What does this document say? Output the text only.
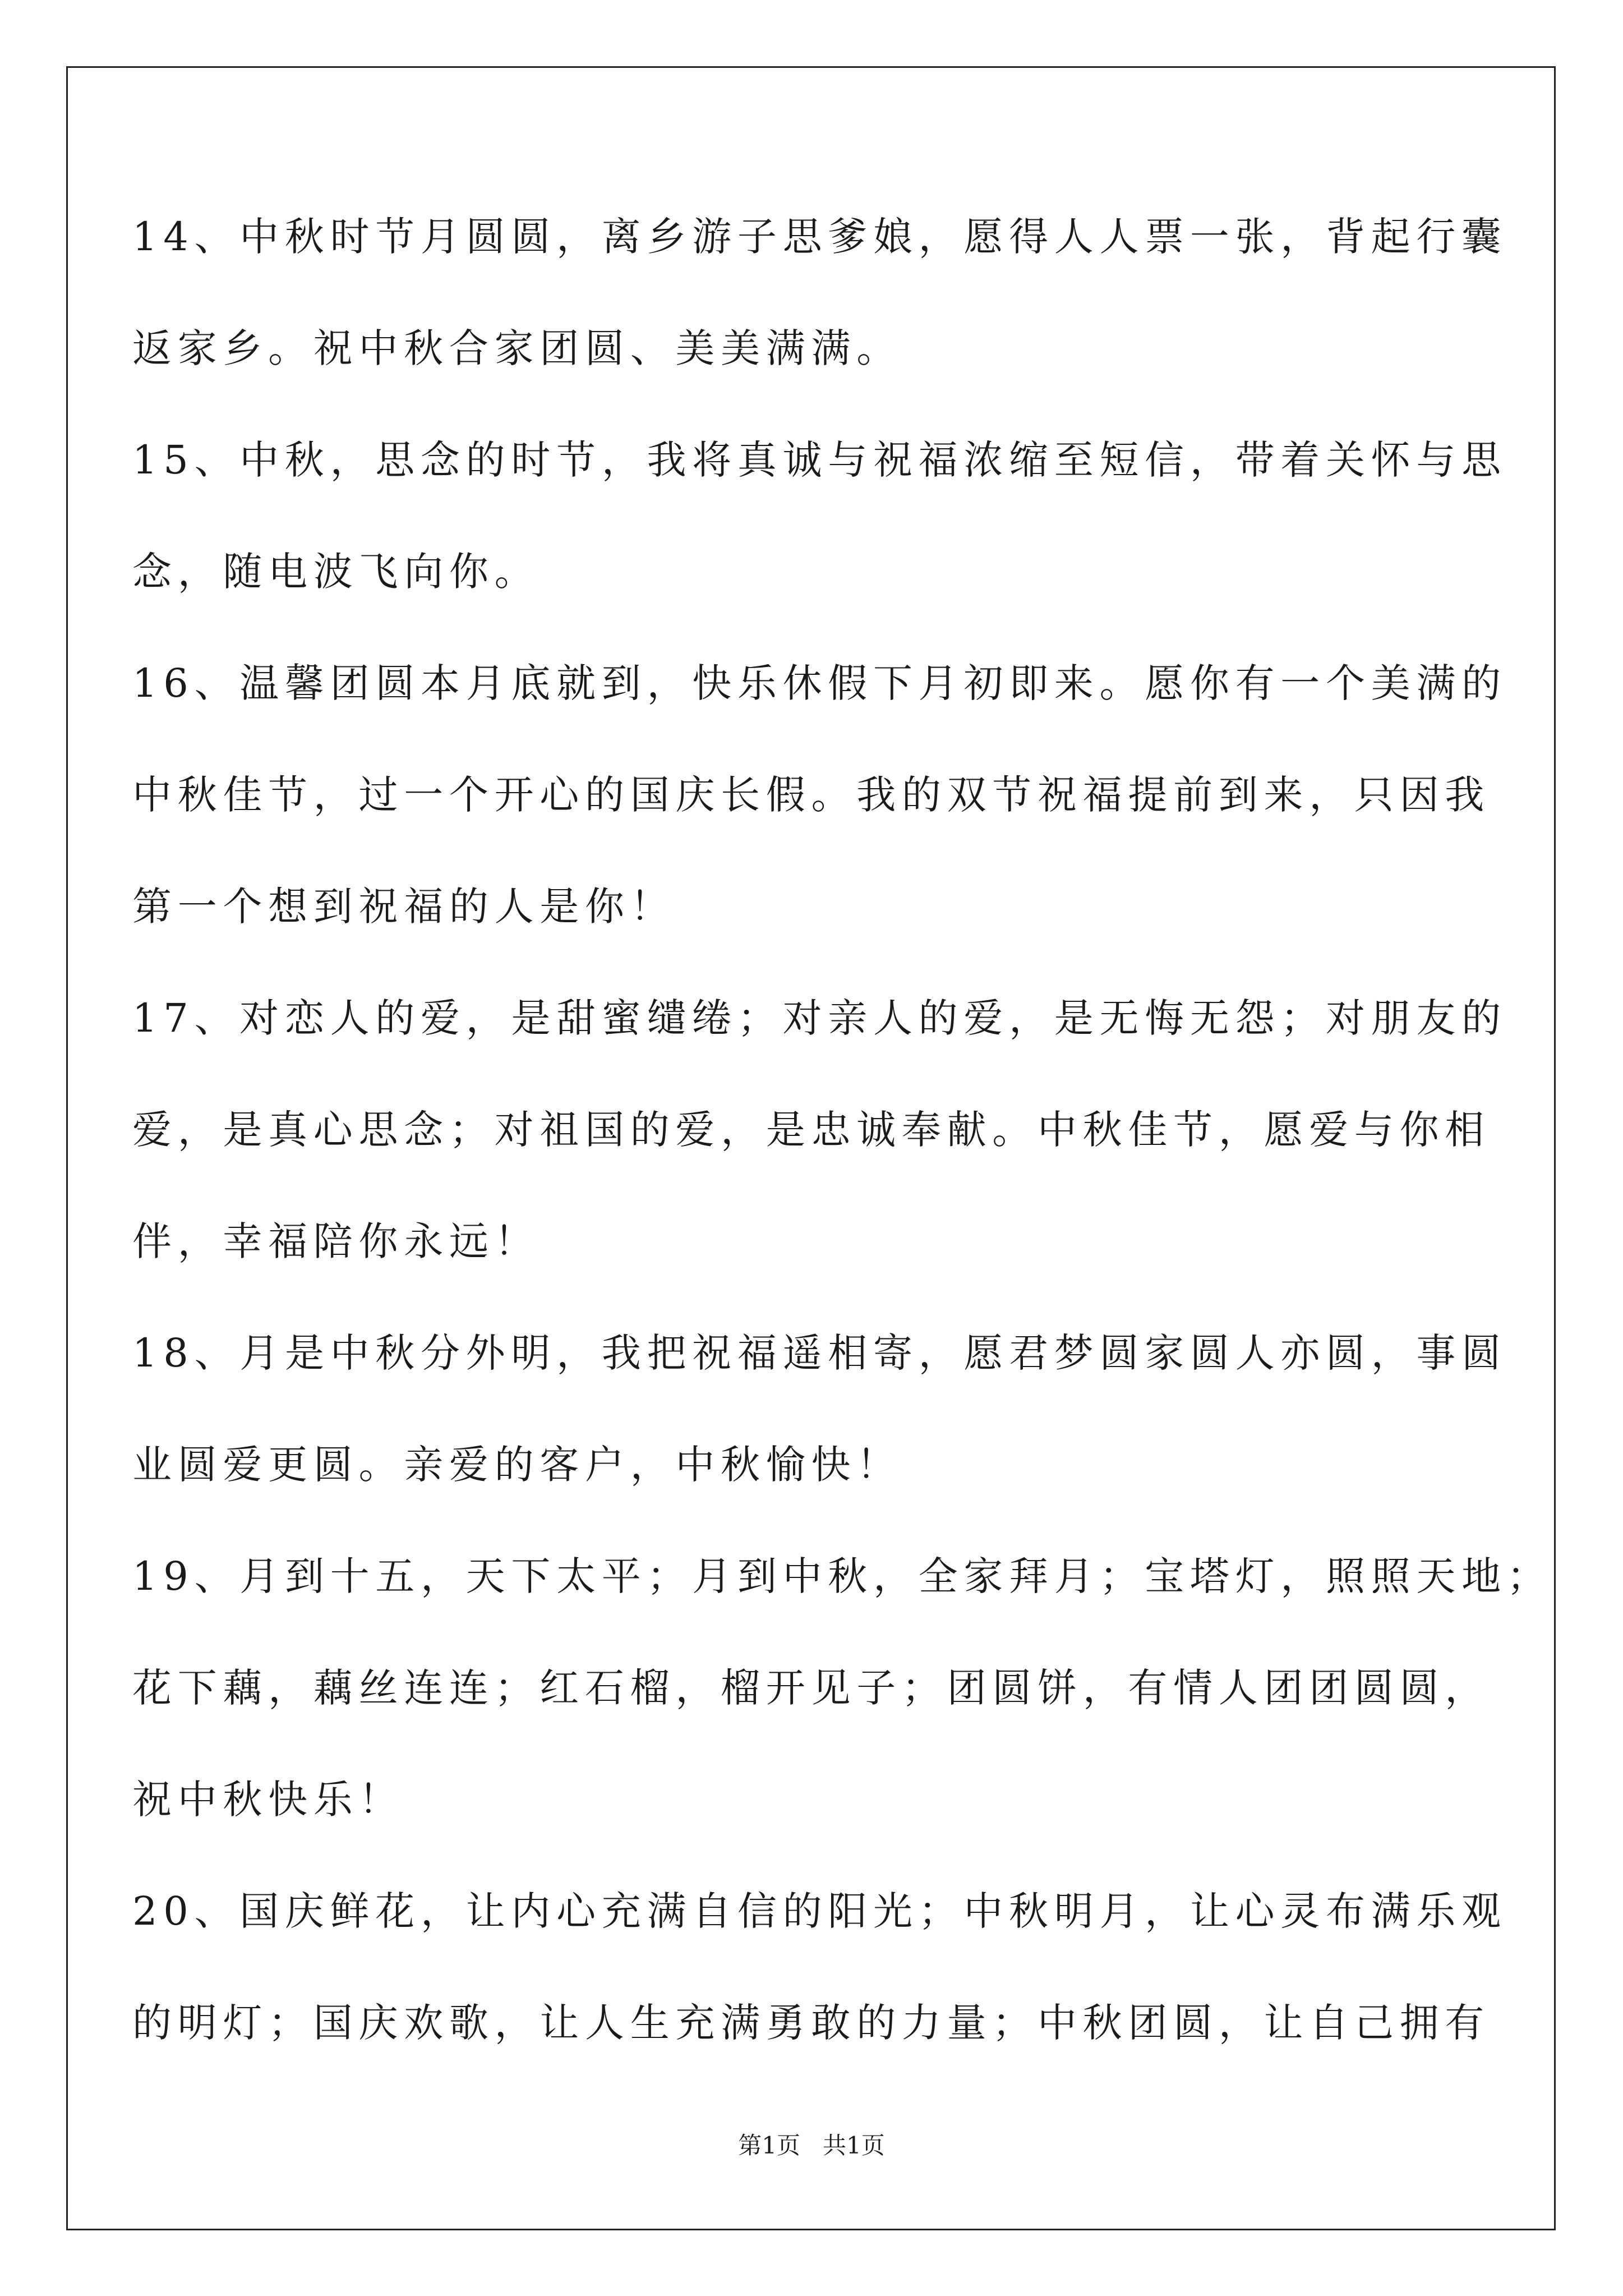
14、中秋时节月圆圆，离乡游子思爹娘，愿得人人票一张，背起行囊
返家乡。祝中秋合家团圆、美美满满。
15、中秋，思念的时节，我将真诚与祝福浓缩至短信，带着关怀与思
念，随电波飞向你。
16、温馨团圆本月底就到，快乐休假下月初即来。愿你有一个美满的
中秋佳节，过一个开心的国庆长假。我的双节祝福提前到来，只因我
第一个想到祝福的人是你！
17、对恋人的爱，是甜蜜缱绻；对亲人的爱，是无悔无怨；对朋友的
爱，是真心思念；对祖国的爱，是忠诚奉献。中秋佳节，愿爱与你相
伴，幸福陪你永远！
18、月是中秋分外明，我把祝福遥相寄，愿君梦圆家圆人亦圆，事圆
业圆爱更圆。亲爱的客户，中秋愉快！
19、月到十五，天下太平；月到中秋，全家拜月；宝塔灯，照照天地；
花下藕，藕丝连连；红石榴，榴开见子；团圆饼，有情人团团圆圆，
祝中秋快乐！
20、国庆鲜花，让内心充满自信的阳光；中秋明月，让心灵布满乐观
的明灯；国庆欢歌，让人生充满勇敢的力量；中秋团圆，让自己拥有
第1页 共1页
